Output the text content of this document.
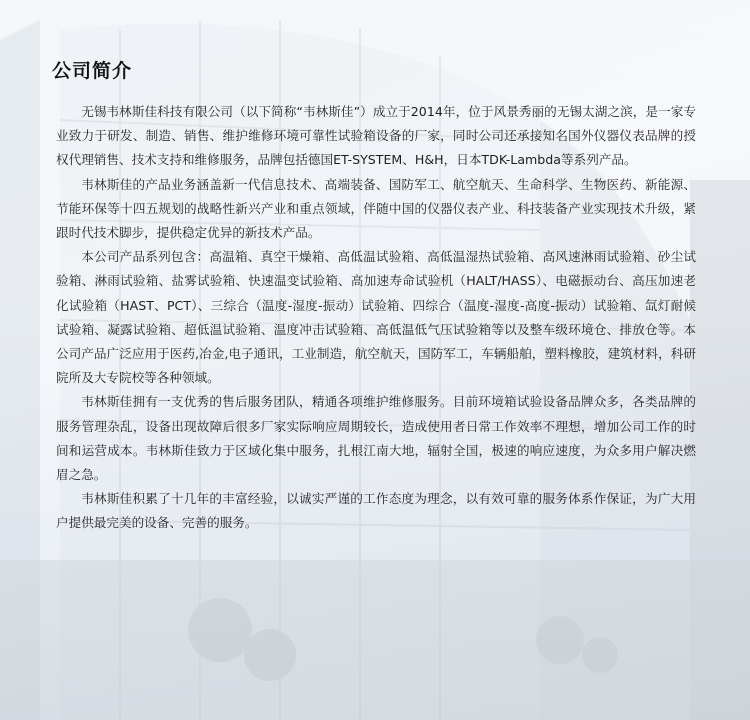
公司简介

无锡韦林斯佳科技有限公司（以下简称“韦林斯佳”）成立于2014年，位于风景秀丽的无锡太湖之滨，是一家专业致力于研发、制造、销售、维护维修环境可靠性试验箱设备的厂家，同时公司还承接知名国外仪器仪表品牌的授权代理销售、技术支持和维修服务，品牌包括德国ET-SYSTEM、H&H，日本TDK-Lambda等系列产品。

韦林斯佳的产品业务涵盖新一代信息技术、高端装备、国防军工、航空航天、生命科学、生物医药、新能源、节能环保等十四五规划的战略性新兴产业和重点领域，伴随中国的仪器仪表产业、科技装备产业实现技术升级，紧跟时代技术脚步，提供稳定优异的新技术产品。

本公司产品系列包含：高温箱、真空干燥箱、高低温试验箱、高低温湿热试验箱、高风速淋雨试验箱、砂尘试验箱、淋雨试验箱、盐雾试验箱、快速温变试验箱、高加速寿命试验机（HALT/HASS）、电磁振动台、高压加速老化试验箱（HAST、PCT）、三综合（温度-湿度-振动）试验箱、四综合（温度-湿度-高度-振动）试验箱、氙灯耐候试验箱、凝露试验箱、超低温试验箱、温度冲击试验箱、高低温低气压试验箱等以及整车级环境仓、排放仓等。本公司产品广泛应用于医药,冶金,电子通讯，工业制造，航空航天，国防军工，车辆船舶，塑料橡胶，建筑材料，科研院所及大专院校等各种领域。

韦林斯佳拥有一支优秀的售后服务团队，精通各项维护维修服务。目前环境箱试验设备品牌众多，各类品牌的服务管理杂乱，设备出现故障后很多厂家实际响应周期较长，造成使用者日常工作效率不理想，增加公司工作的时间和运营成本。韦林斯佳致力于区域化集中服务，扎根江南大地，辐射全国，极速的响应速度，为众多用户解决燃眉之急。

韦林斯佳积累了十几年的丰富经验，以诚实严谨的工作态度为理念，以有效可靠的服务体系作保证，为广大用户提供最完美的设备、完善的服务。
